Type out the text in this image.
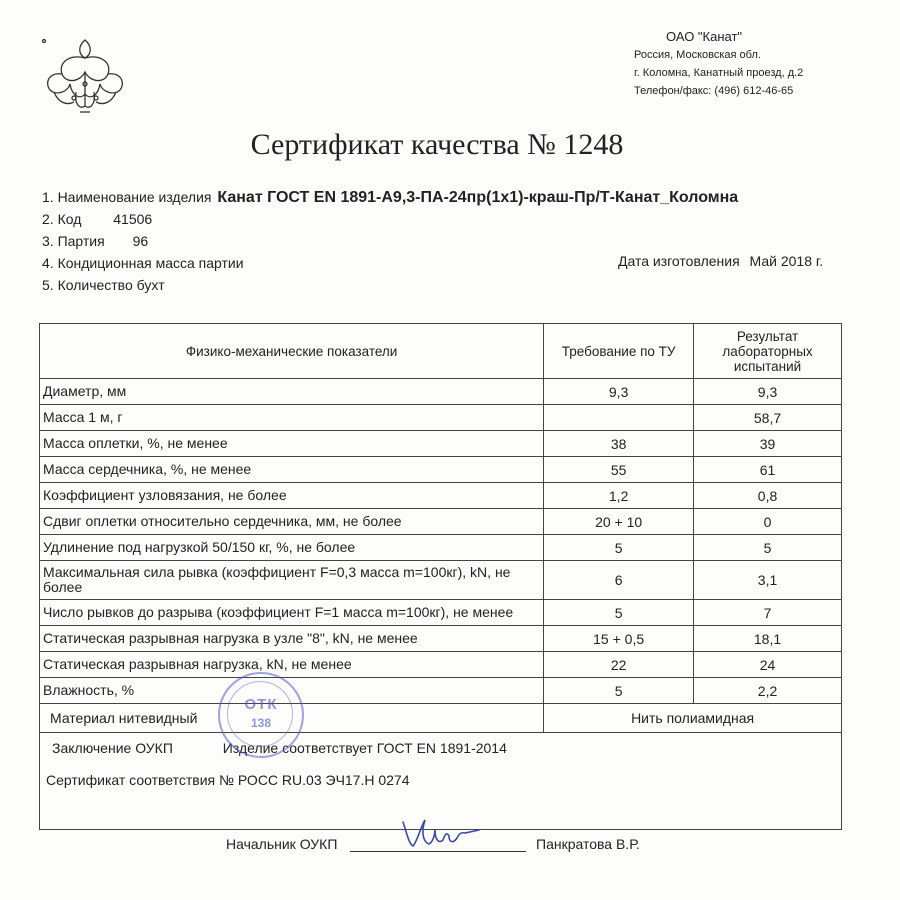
ОАО "Канат"
Россия, Московская обл.
г. Коломна, Канатный проезд, д.2
Телефон/факс: (496) 612-46-65
Сертификат качества № 1248
1. Наименование изделия Канат ГОСТ EN 1891-А9,3-ПА-24пр(1х1)-краш-Пр/Т-Канат_Коломна
2. Код 41506
3. Партия 96
4. Кондиционная масса партии
5. Количество бухт
Дата изготовления Май 2018 г.
Физико-механические показатели	Требование по ТУ	Результат лабораторных испытаний
Диаметр, мм	9,3	9,3
Масса 1 м, г		58,7
Масса оплетки, %, не менее	38	39
Масса сердечника, %, не менее	55	61
Коэффициент узловязания, не более	1,2	0,8
Сдвиг оплетки относительно сердечника, мм, не более	20 + 10	0
Удлинение под нагрузкой 50/150 кг, %, не более	5	5
Максимальная сила рывка (коэффициент F=0,3 масса m=100кг), kN, не более	6	3,1
Число рывков до разрыва (коэффициент F=1 масса m=100кг), не менее	5	7
Статическая разрывная нагрузка в узле "8", kN, не менее	15 + 0,5	18,1
Статическая разрывная нагрузка, kN, не менее	22	24
Влажность, %	5	2,2
Материал нитевидный	Нить полиамидная	

Заключение ОУКП	Изделие соответствует ГОСТ EN 1891-2014
Сертификат соответствия № РОСС RU.03 ЭЧ17.Н 0274
ОТК
138
Начальник ОУКП	Панкратова В.Р.
